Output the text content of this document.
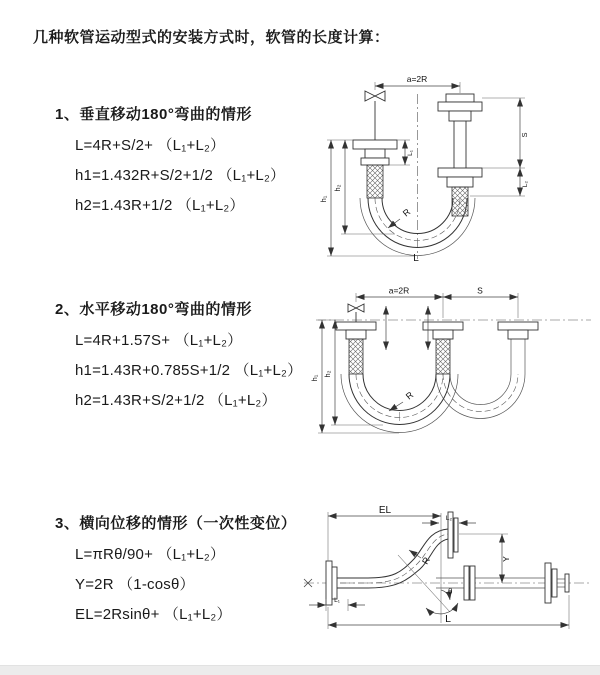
几种软管运动型式的安装方式时，软管的长度计算：
1、垂直移动180°弯曲的情形
L=4R+S/2+ （L₁+L₂）
h1=1.432R+S/2+1/2 （L₁+L₂）
h2=1.43R+1/2 （L₁+L₂）
a=2R
h₁
h₂
L₁
S
L₂
R
L
2、水平移动180°弯曲的情形
L=4R+1.57S+ （L₁+L₂）
h1=1.43R+0.785S+1/2 （L₁+L₂）
h2=1.43R+S/2+1/2 （L₁+L₂）
a=2R	S
h₁
h₂
R
3、横向位移的情形（一次性变位）
L=πRθ/90+ （L₁+L₂）
Y=2R （1-cosθ）
EL=2Rsinθ+ （L₁+L₂）
EL
L₂
Y
L
L₁
R
θ
